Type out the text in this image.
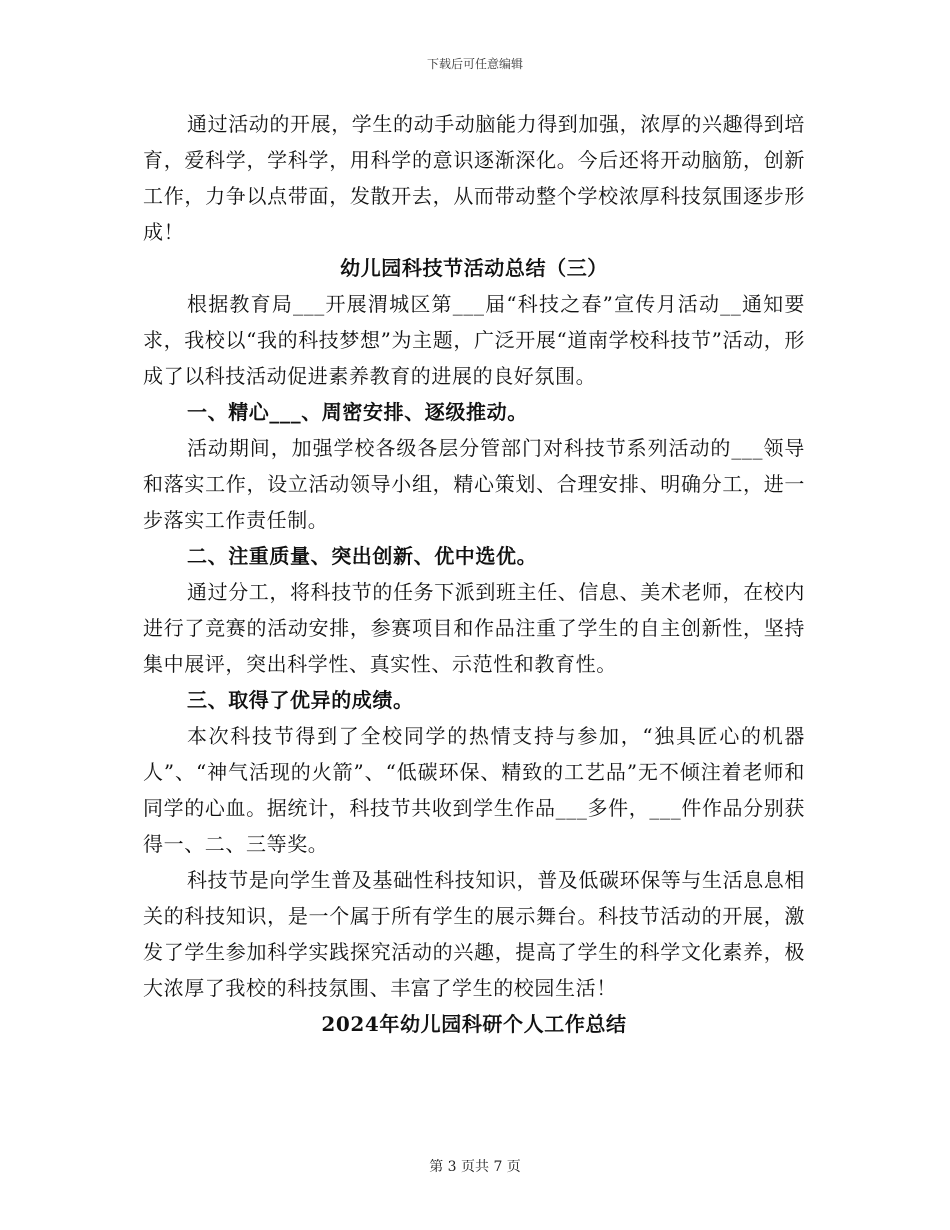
下载后可任意编辑

通过活动的开展，学生的动手动脑能力得到加强，浓厚的兴趣得到培育，爱科学，学科学，用科学的意识逐渐深化。今后还将开动脑筋，创新工作，力争以点带面，发散开去，从而带动整个学校浓厚科技氛围逐步形成！

幼儿园科技节活动总结（三）

根据教育局___开展渭城区第___届“科技之春”宣传月活动__通知要求，我校以“我的科技梦想”为主题，广泛开展“道南学校科技节”活动，形成了以科技活动促进素养教育的进展的良好氛围。

一、精心___、周密安排、逐级推动。

活动期间，加强学校各级各层分管部门对科技节系列活动的___领导和落实工作，设立活动领导小组，精心策划、合理安排、明确分工，进一步落实工作责任制。

二、注重质量、突出创新、优中选优。

通过分工，将科技节的任务下派到班主任、信息、美术老师，在校内进行了竞赛的活动安排，参赛项目和作品注重了学生的自主创新性，坚持集中展评，突出科学性、真实性、示范性和教育性。

三、取得了优异的成绩。

本次科技节得到了全校同学的热情支持与参加，“独具匠心的机器人”、“神气活现的火箭”、“低碳环保、精致的工艺品”无不倾注着老师和同学的心血。据统计，科技节共收到学生作品___多件，___件作品分别获得一、二、三等奖。

科技节是向学生普及基础性科技知识，普及低碳环保等与生活息息相关的科技知识，是一个属于所有学生的展示舞台。科技节活动的开展，激发了学生参加科学实践探究活动的兴趣，提高了学生的科学文化素养，极大浓厚了我校的科技氛围、丰富了学生的校园生活！

2024年幼儿园科研个人工作总结

第 3 页共 7 页
